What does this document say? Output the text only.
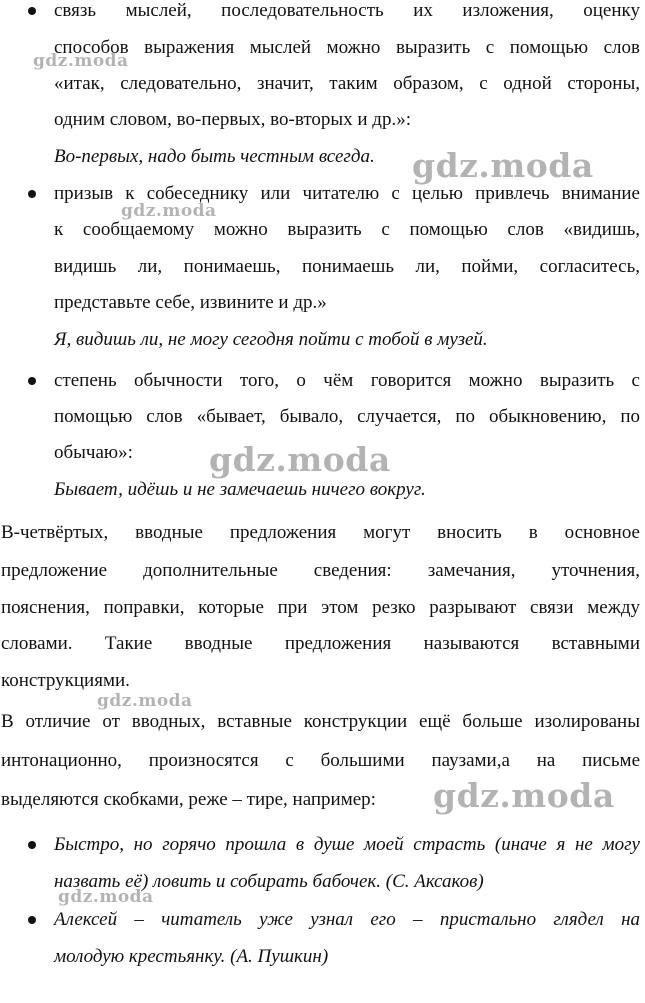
связь мыслей, последовательность их изложения, оценку
способов выражения мыслей можно выразить с помощью слов
«итак, следовательно, значит, таким образом, с одной стороны,
одним словом, во-первых, во-вторых и др.»:
Во-первых, надо быть честным всегда.
призыв к собеседнику или читателю с целью привлечь внимание
к сообщаемому можно выразить с помощью слов «видишь,
видишь ли, понимаешь, понимаешь ли, пойми, согласитесь,
представьте себе, извините и др.»
Я, видишь ли, не могу сегодня пойти с тобой в музей.
степень обычности того, о чём говорится можно выразить с
помощью слов «бывает, бывало, случается, по обыкновению, по
обычаю»:
Бывает, идёшь и не замечаешь ничего вокруг.
В-четвёртых, вводные предложения могут вносить в основное
предложение дополнительные сведения: замечания, уточнения,
пояснения, поправки, которые при этом резко разрывают связи между
словами. Такие вводные предложения называются вставными
конструкциями.
В отличие от вводных, вставные конструкции ещё больше изолированы
интонационно, произносятся с большими паузами,а на письме
выделяются скобками, реже – тире, например:
Быстро, но горячо прошла в душе моей страсть (иначе я не могу
назвать её) ловить и собирать бабочек. (С. Аксаков)
Алексей – читатель уже узнал его – пристально глядел на
молодую крестьянку. (А. Пушкин)
gdz.moda
gdz.moda
gdz.moda
gdz.moda
gdz.moda
gdz.moda
gdz.moda
